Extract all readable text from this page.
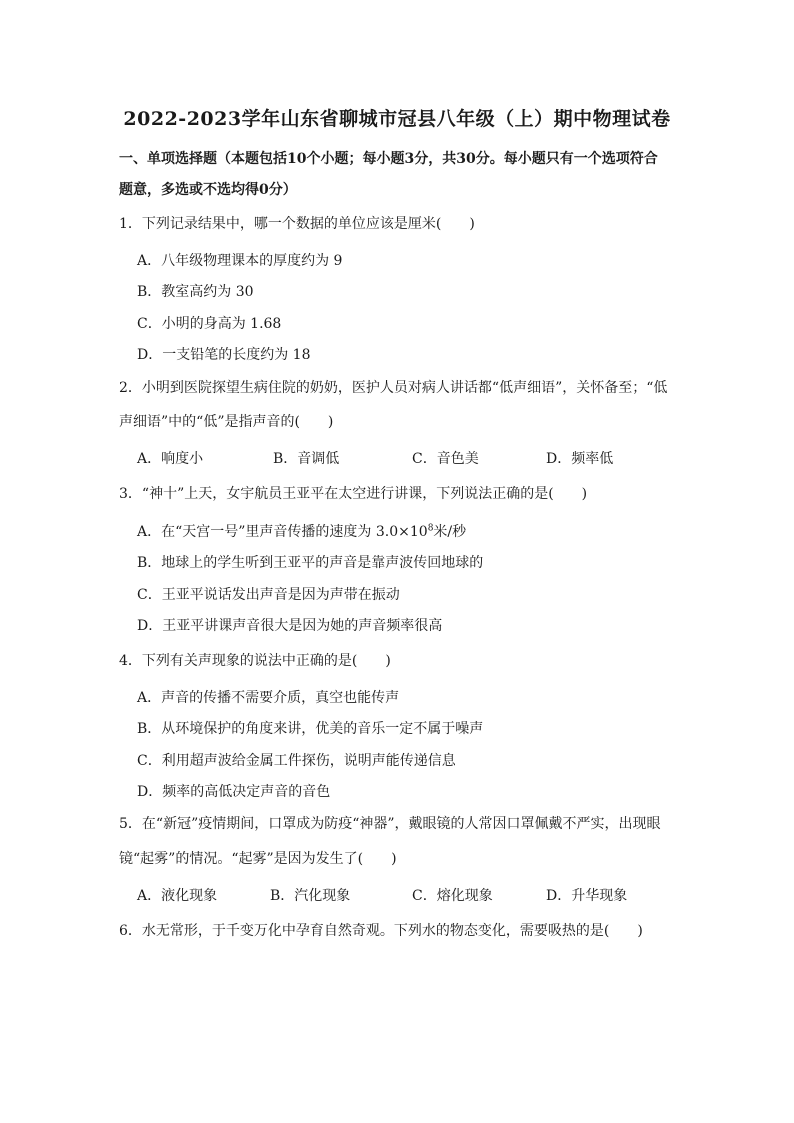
2022-2023学年山东省聊城市冠县八年级（上）期中物理试卷
一、单项选择题（本题包括10个小题；每小题3分，共30分。每小题只有一个选项符合
题意，多选或不选均得0分）
1．下列记录结果中，哪一个数据的单位应该是厘米(　　)
A．八年级物理课本的厚度约为 9
B．教室高约为 30
C．小明的身高为 1.68
D．一支铅笔的长度约为 18
2．小明到医院探望生病住院的奶奶，医护人员对病人讲话都“低声细语”，关怀备至；“低
声细语”中的“低”是指声音的(　　)
A．响度小	B．音调低	C．音色美	D．频率低
3．“神十”上天，女宇航员王亚平在太空进行讲课，下列说法正确的是(　　)
A．在“天宫一号”里声音传播的速度为 $3.0\times 10^8$米/秒
B．地球上的学生听到王亚平的声音是靠声波传回地球的
C．王亚平说话发出声音是因为声带在振动
D．王亚平讲课声音很大是因为她的声音频率很高
4．下列有关声现象的说法中正确的是(　　)
A．声音的传播不需要介质，真空也能传声
B．从环境保护的角度来讲，优美的音乐一定不属于噪声
C．利用超声波给金属工件探伤，说明声能传递信息
D．频率的高低决定声音的音色
5．在“新冠”疫情期间，口罩成为防疫“神器”，戴眼镜的人常因口罩佩戴不严实，出现眼
镜“起雾”的情况。“起雾”是因为发生了(　　)
A．液化现象	B．汽化现象	C．熔化现象	D．升华现象
6．水无常形，于千变万化中孕育自然奇观。下列水的物态变化，需要吸热的是(　　)
